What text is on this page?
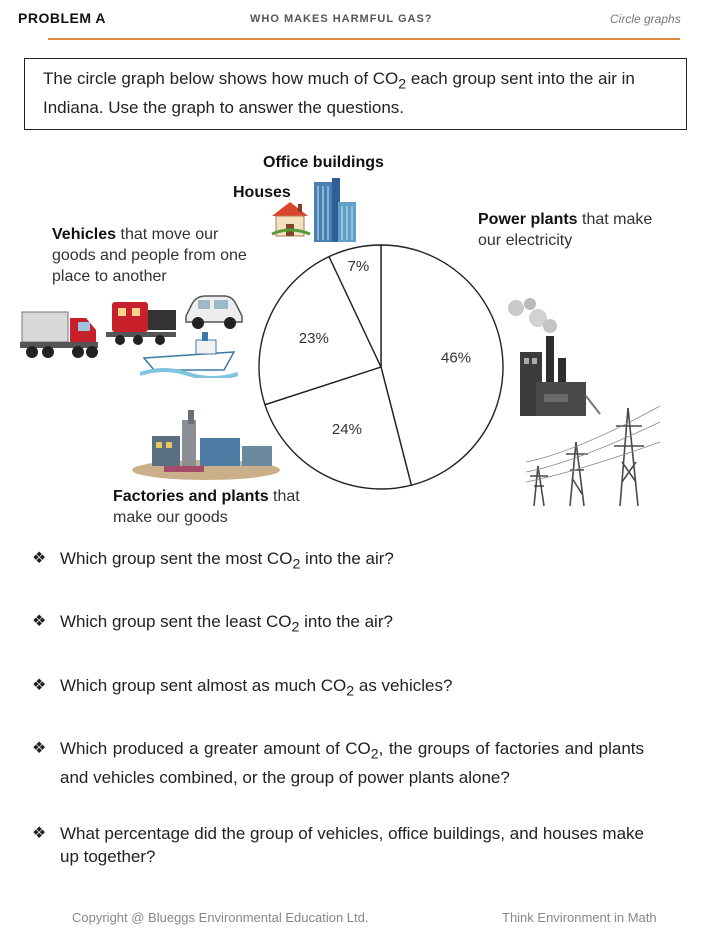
PROBLEM A	WHO MAKES HARMFUL GAS?	Circle graphs
The circle graph below shows how much of $CO_2$ each group sent into the air in Indiana. Use the graph to answer the questions.
Office buildings
Houses
Vehicles that move our goods and people from one place to another
Power plants that make our electricity
Factories and plants that make our goods
46%
24%
23%
7%
❖ Which group sent the most $CO_2$ into the air?
❖ Which group sent the least $CO_2$ into the air?
❖ Which group sent almost as much $CO_2$ as vehicles?
❖ Which produced a greater amount of $CO_2$, the groups of factories and plants and vehicles combined, or the group of power plants alone?
❖ What percentage did the group of vehicles, office buildings, and houses make up together?
Copyright @ Blueggs Environmental Education Ltd.	Think Environment in Math
